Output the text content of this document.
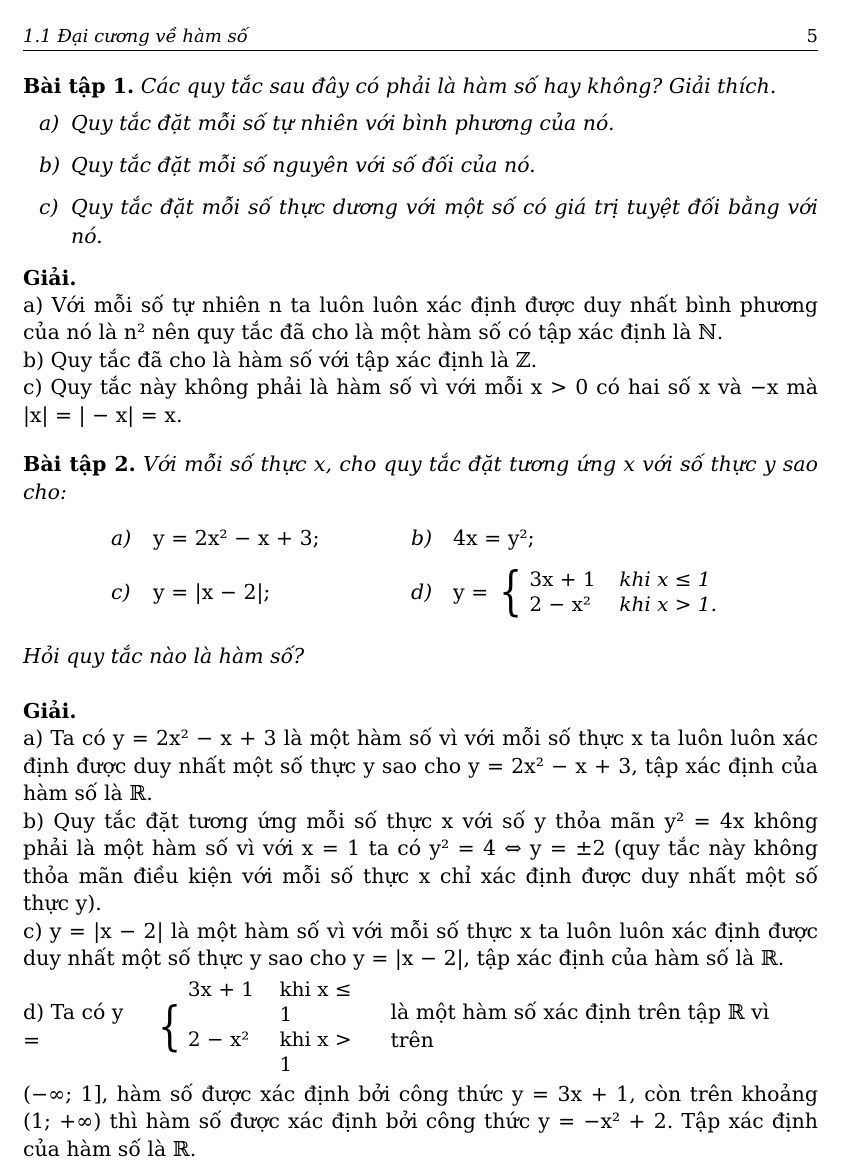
1.1 Đại cương về hàm số	5
Bài tập 1. Các quy tắc sau đây có phải là hàm số hay không? Giải thích.
a) Quy tắc đặt mỗi số tự nhiên với bình phương của nó.
b) Quy tắc đặt mỗi số nguyên với số đối của nó.
c) Quy tắc đặt mỗi số thực dương với một số có giá trị tuyệt đối bằng với nó.
Giải.
a) Với mỗi số tự nhiên n ta luôn luôn xác định được duy nhất bình phương của nó là n² nên quy tắc đã cho là một hàm số có tập xác định là ℕ.
b) Quy tắc đã cho là hàm số với tập xác định là ℤ.
c) Quy tắc này không phải là hàm số vì với mỗi x > 0 có hai số x và −x mà |x| = | − x| = x.
Bài tập 2. Với mỗi số thực x, cho quy tắc đặt tương ứng x với số thực y sao cho:
a)	y = 2x² − x + 3;	b)	4x = y²;
c)	y = |x − 2|;	d)	y = { 3x + 1	khi x ≤ 1
2 − x²	khi x > 1.
Hỏi quy tắc nào là hàm số?
Giải.
a) Ta có y = 2x² − x + 3 là một hàm số vì với mỗi số thực x ta luôn luôn xác định được duy nhất một số thực y sao cho y = 2x² − x + 3, tập xác định của hàm số là ℝ.
b) Quy tắc đặt tương ứng mỗi số thực x với số y thỏa mãn y² = 4x không phải là một hàm số vì với x = 1 ta có y² = 4 ⇔ y = ±2 (quy tắc này không thỏa mãn điều kiện với mỗi số thực x chỉ xác định được duy nhất một số thực y).
c) y = |x − 2| là một hàm số vì với mỗi số thực x ta luôn luôn xác định được duy nhất một số thực y sao cho y = |x − 2|, tập xác định của hàm số là ℝ.
d) Ta có y =	{
3x + 1	khi x ≤ 1
2 − x²	khi x > 1
là một hàm số xác định trên tập ℝ vì trên
(−∞; 1], hàm số được xác định bởi công thức y = 3x + 1, còn trên khoảng (1; +∞) thì hàm số được xác định bởi công thức y = −x² + 2. Tập xác định của hàm số là ℝ.
